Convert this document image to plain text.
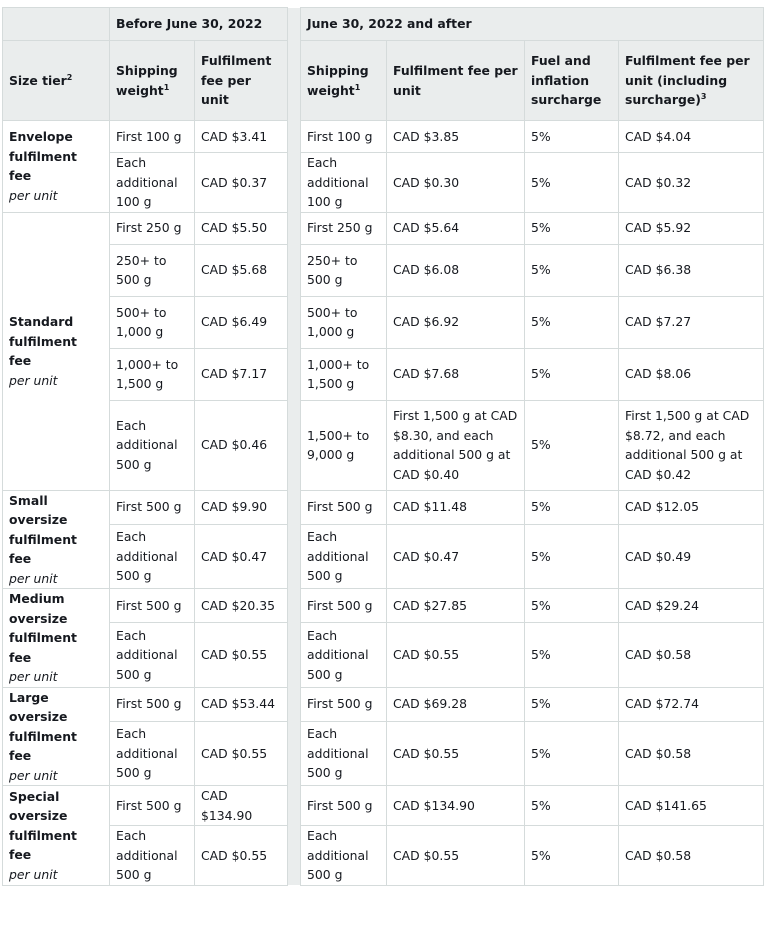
	Before June 30, 2022			June 30, 2022 and after			
Size tier$^2$	Shipping weight$^1$	Fulfilment fee per unit		Shipping weight$^1$	Fulfilment fee per unit	Fuel and inflation surcharge	Fulfilment fee per unit (including surcharge)$^3$

Envelope fulfilment fee
per unit	First 100 g	CAD $3.41		First 100 g	CAD $3.85	5%	CAD $4.04
	Each additional 100 g	CAD $0.37		Each additional 100 g	CAD $0.30	5%	CAD $0.32

Standard fulfilment fee
per unit	First 250 g	CAD $5.50		First 250 g	CAD $5.64	5%	CAD $5.92
	250+ to 500 g	CAD $5.68		250+ to 500 g	CAD $6.08	5%	CAD $6.38
	500+ to 1,000 g	CAD $6.49		500+ to 1,000 g	CAD $6.92	5%	CAD $7.27
	1,000+ to 1,500 g	CAD $7.17		1,000+ to 1,500 g	CAD $7.68	5%	CAD $8.06
	Each additional 500 g	CAD $0.46		1,500+ to 9,000 g	First 1,500 g at CAD $8.30, and each additional 500 g at CAD $0.40	5%	First 1,500 g at CAD $8.72, and each additional 500 g at CAD $0.42

Small oversize fulfilment fee
per unit	First 500 g	CAD $9.90		First 500 g	CAD $11.48	5%	CAD $12.05
	Each additional 500 g	CAD $0.47		Each additional 500 g	CAD $0.47	5%	CAD $0.49

Medium oversize fulfilment fee
per unit	First 500 g	CAD $20.35		First 500 g	CAD $27.85	5%	CAD $29.24
	Each additional 500 g	CAD $0.55		Each additional 500 g	CAD $0.55	5%	CAD $0.58

Large oversize fulfilment fee
per unit	First 500 g	CAD $53.44		First 500 g	CAD $69.28	5%	CAD $72.74
	Each additional 500 g	CAD $0.55		Each additional 500 g	CAD $0.55	5%	CAD $0.58

Special oversize fulfilment fee
per unit	First 500 g	CAD $134.90		First 500 g	CAD $134.90	5%	CAD $141.65
	Each additional 500 g	CAD $0.55		Each additional 500 g	CAD $0.55	5%	CAD $0.58
